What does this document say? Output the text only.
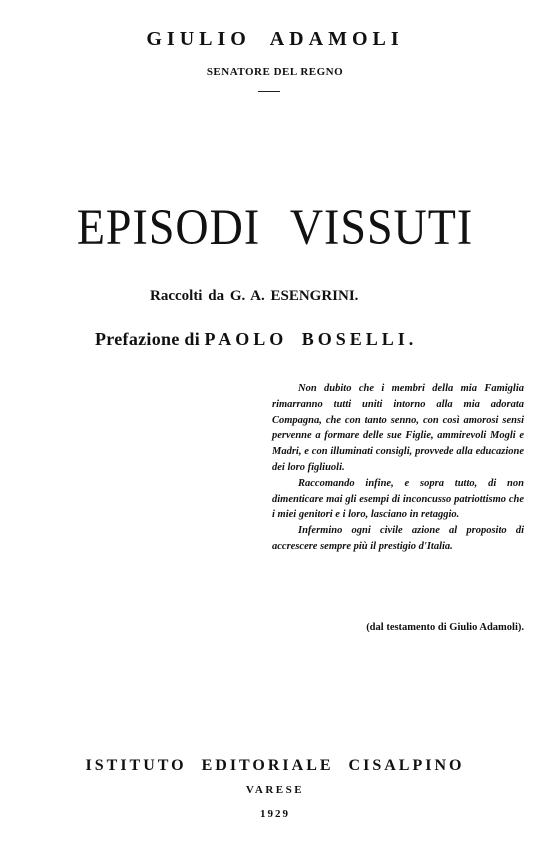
GIULIO ADAMOLI
SENATORE DEL REGNO
EPISODI VISSUTI
Raccolti da G. A. ESENGRINI.
Prefazione di PAOLO BOSELLI.

Non dubito che i membri della mia Famiglia rimarranno tutti uniti intorno alla mia adorata Compagna, che con tanto senno, con così amorosi sensi pervenne a formare delle sue Figlie, ammirevoli Mogli e Madri, e con illuminati consigli, provvede alla educazione dei loro figliuoli.

Raccomando infine, e sopra tutto, di non dimenticare mai gli esempi di inconcusso patriottismo che i miei genitori e i loro, lasciano in retaggio.

Infermino ogni civile azione al proposito di accrescere sempre più il prestigio d'Italia.

(dal testamento di Giulio Adamoli).
ISTITUTO EDITORIALE CISALPINO
VARESE
1929
